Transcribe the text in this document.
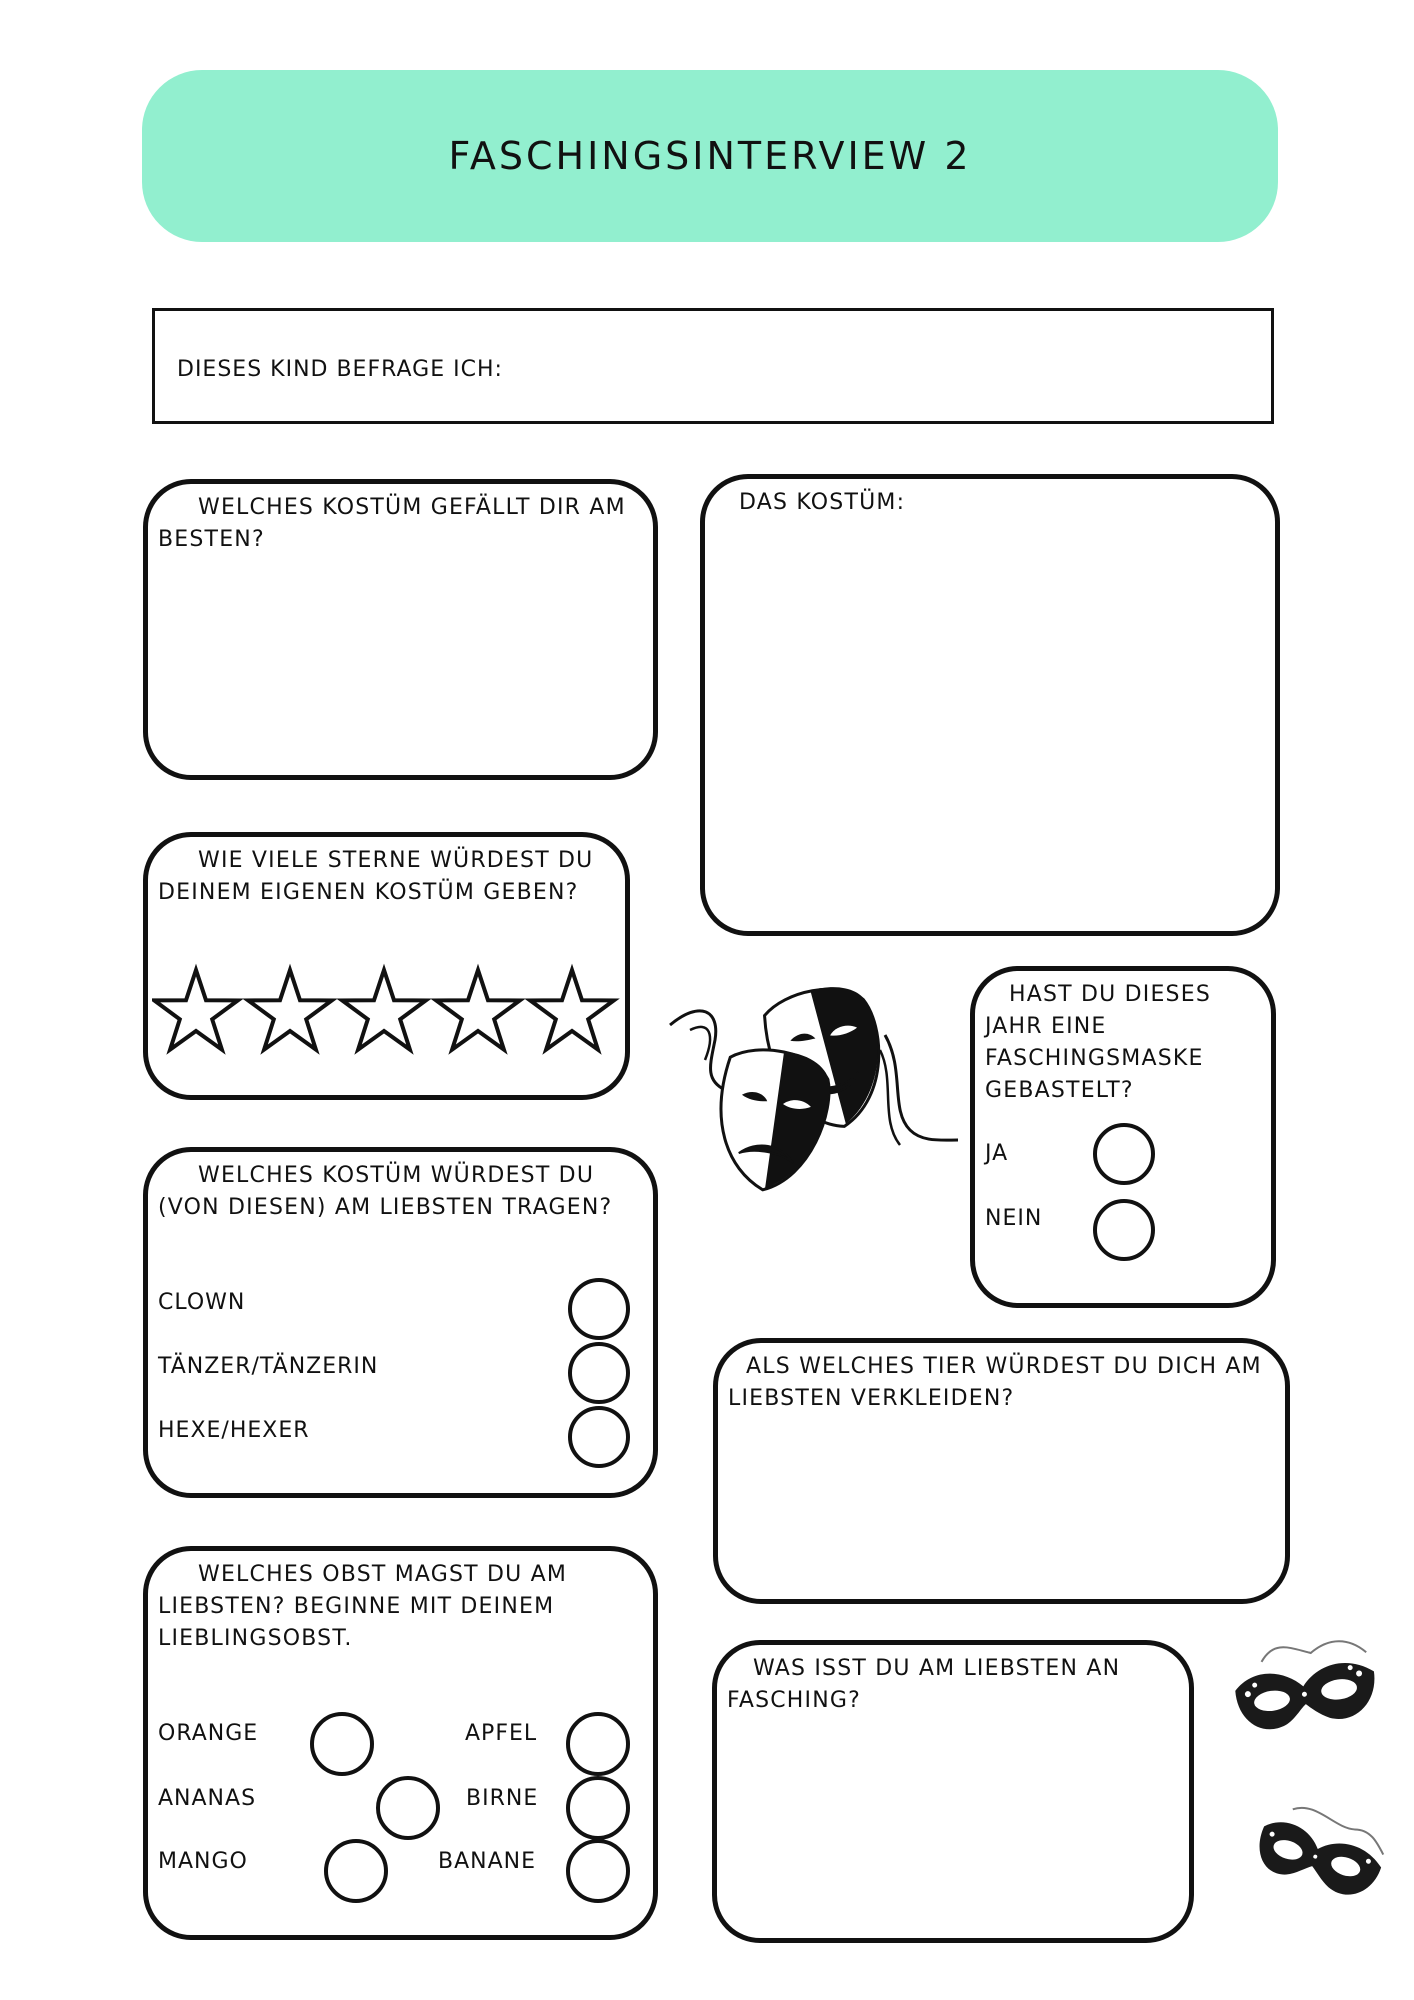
FASCHINGSINTERVIEW 2
DIESES KIND BEFRAGE ICH:
WELCHES KOSTÜM GEFÄLLT DIR AM BESTEN?
DAS KOSTÜM:
WIE VIELE STERNE WÜRDEST DU DEINEM EIGENEN KOSTÜM GEBEN?
HAST DU DIESES JAHR EINE FASCHINGSMASKE GEBASTELT?
JA
NEIN
WELCHES KOSTÜM WÜRDEST DU (VON DIESEN) AM LIEBSTEN TRAGEN?
CLOWN
TÄNZER/TÄNZERIN
HEXE/HEXER
ALS WELCHES TIER WÜRDEST DU DICH AM LIEBSTEN VERKLEIDEN?
WELCHES OBST MAGST DU AM LIEBSTEN? BEGINNE MIT DEINEM LIEBLINGSOBST.
ORANGE
ANANAS
MANGO
APFEL
BIRNE
BANANE
WAS ISST DU AM LIEBSTEN AN FASCHING?
